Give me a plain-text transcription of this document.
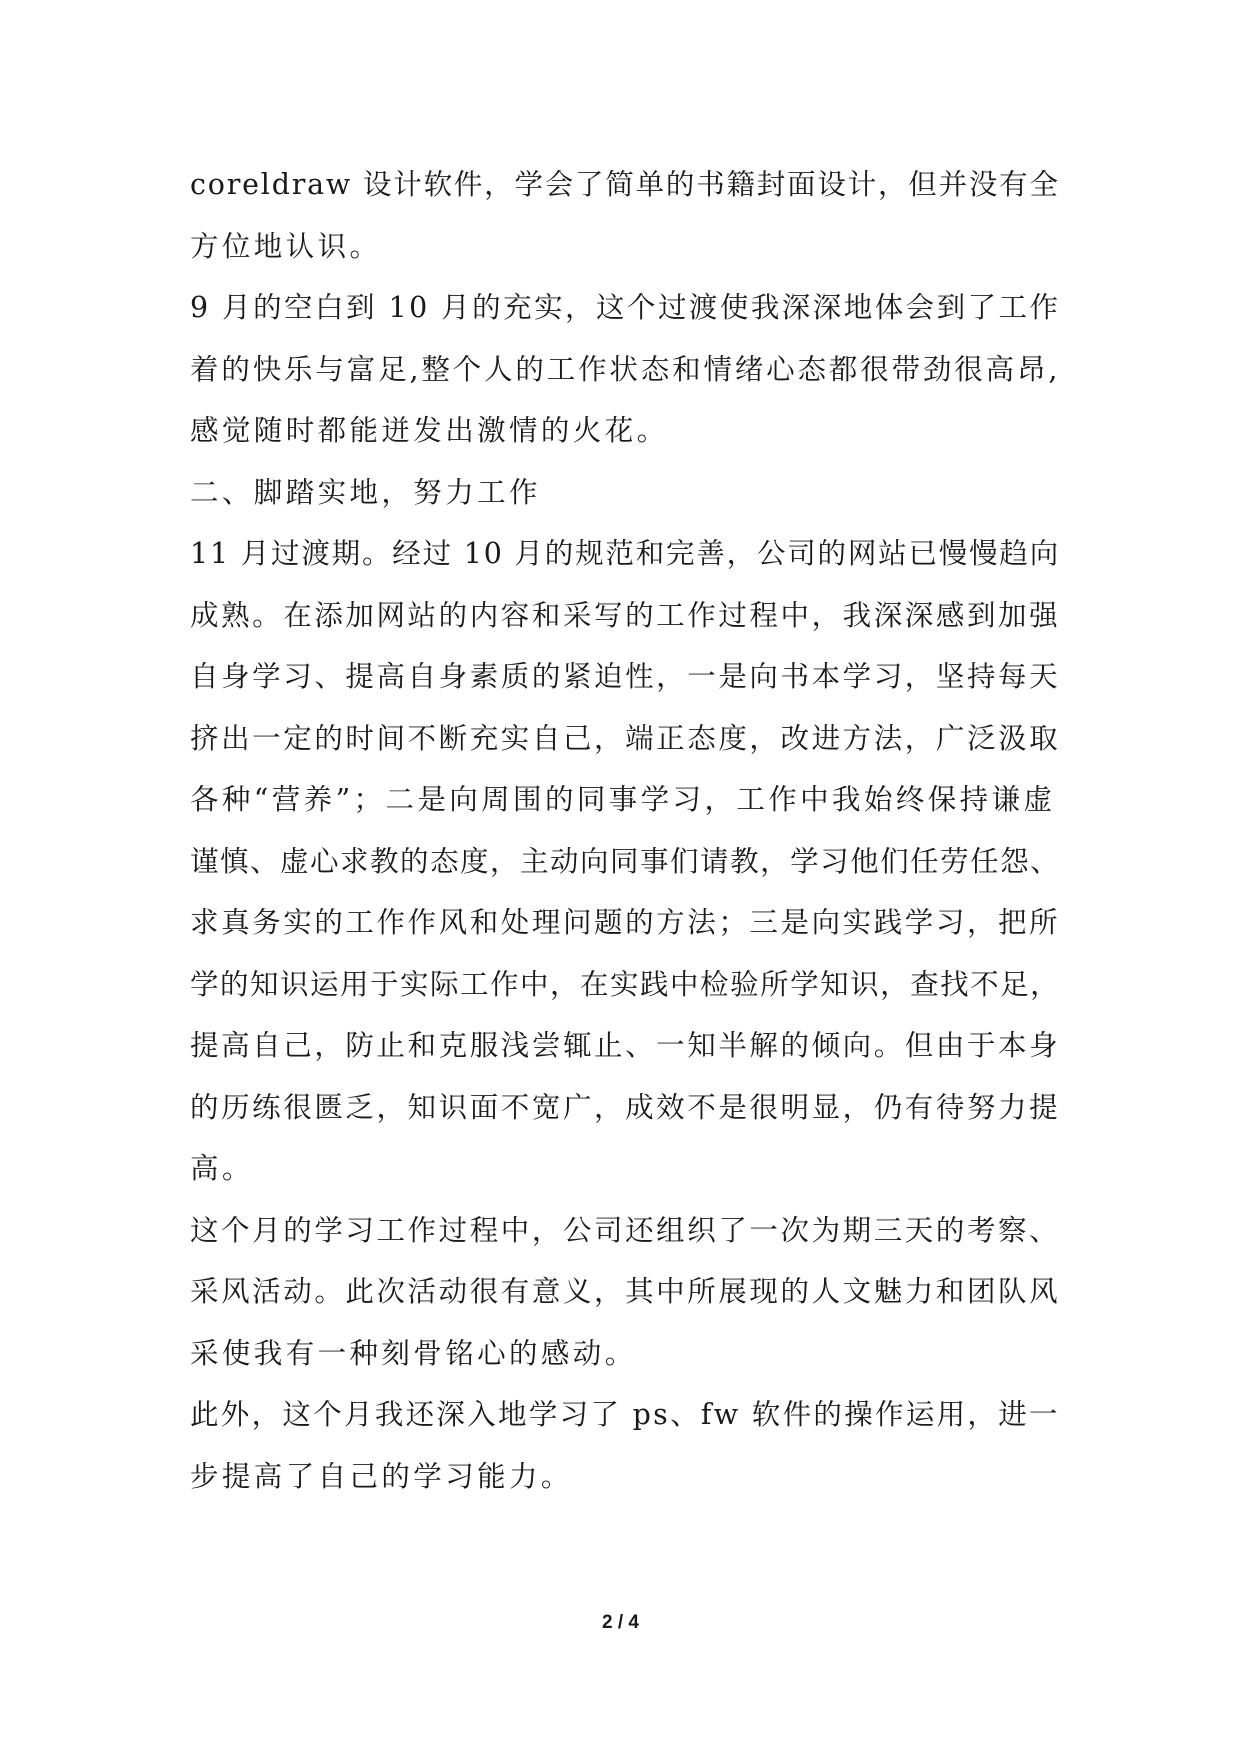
coreldraw 设计软件，学会了简单的书籍封面设计，但并没有全
方位地认识。
9 月的空白到 10 月的充实，这个过渡使我深深地体会到了工作
着的快乐与富足,整个人的工作状态和情绪心态都很带劲很高昂,
感觉随时都能迸发出激情的火花。
二、脚踏实地，努力工作
11 月过渡期。经过 10 月的规范和完善，公司的网站已慢慢趋向
成熟。在添加网站的内容和采写的工作过程中，我深深感到加强
自身学习、提高自身素质的紧迫性，一是向书本学习，坚持每天
挤出一定的时间不断充实自己，端正态度，改进方法，广泛汲取
各种“营养”；二是向周围的同事学习，工作中我始终保持谦虚
谨慎、虚心求教的态度，主动向同事们请教，学习他们任劳任怨、
求真务实的工作作风和处理问题的方法；三是向实践学习，把所
学的知识运用于实际工作中，在实践中检验所学知识，查找不足，
提高自己，防止和克服浅尝辄止、一知半解的倾向。但由于本身
的历练很匮乏，知识面不宽广，成效不是很明显，仍有待努力提
高。
这个月的学习工作过程中，公司还组织了一次为期三天的考察、
采风活动。此次活动很有意义，其中所展现的人文魅力和团队风
采使我有一种刻骨铭心的感动。
此外，这个月我还深入地学习了 ps、fw 软件的操作运用，进一
步提高了自己的学习能力。
2 / 4
